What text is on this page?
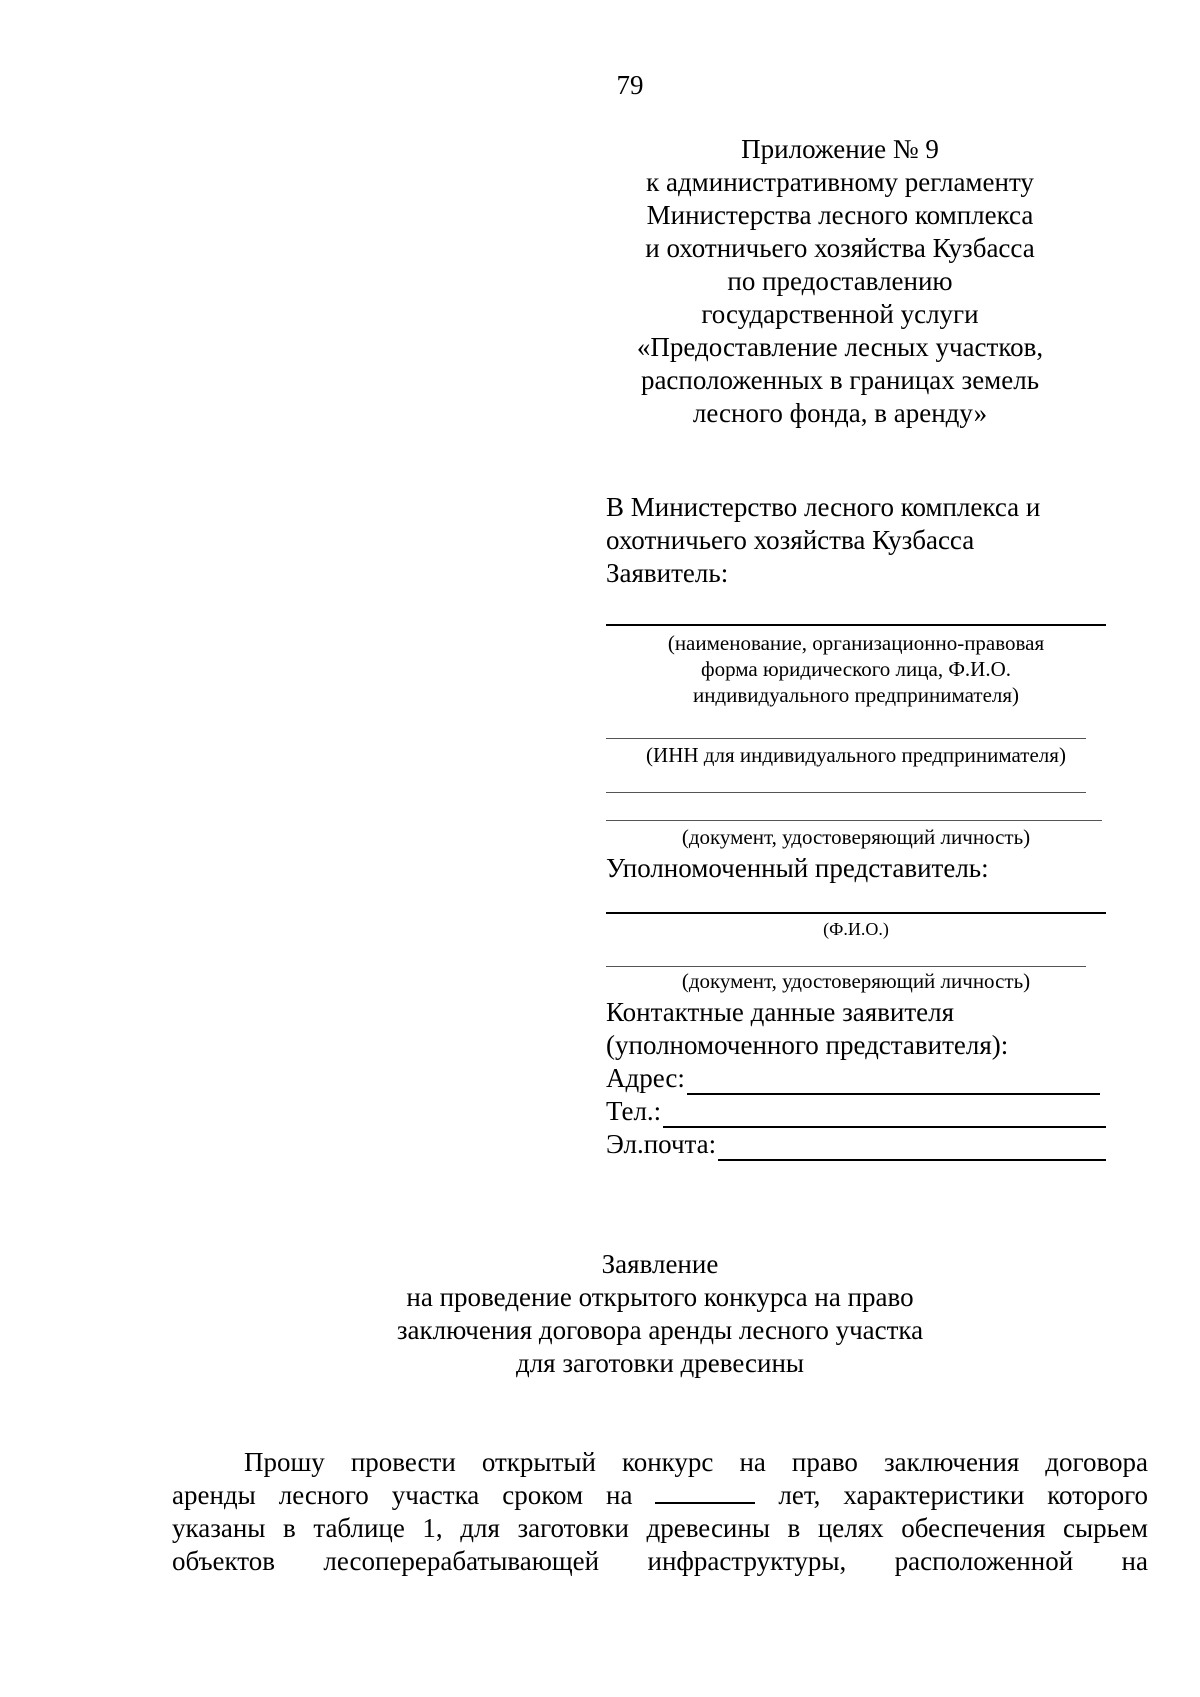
79
Приложение № 9
к административному регламенту
Министерства лесного комплекса
и охотничьего хозяйства Кузбасса
по предоставлению
государственной услуги
«Предоставление лесных участков,
расположенных в границах земель
лесного фонда, в аренду»
В Министерство лесного комплекса и
охотничьего хозяйства Кузбасса
Заявитель:
(наименование, организационно-правовая
форма юридического лица, Ф.И.О.
индивидуального предпринимателя)
(ИНН для индивидуального предпринимателя)
(документ, удостоверяющий личность)
Уполномоченный представитель:
(Ф.И.О.)
(документ, удостоверяющий личность)
Контактные данные заявителя
(уполномоченного представителя):
Адрес:
Тел.:
Эл.почта:
Заявление
на проведение открытого конкурса на право
заключения договора аренды лесного участка
для заготовки древесины

Прошу провести открытый конкурс на право заключения договора

аренды лесного участка сроком на	лет, характеристики которого

указаны в таблице 1, для заготовки древесины в целях обеспечения сырьем

объектов лесоперерабатывающей инфраструктуры, расположенной на
